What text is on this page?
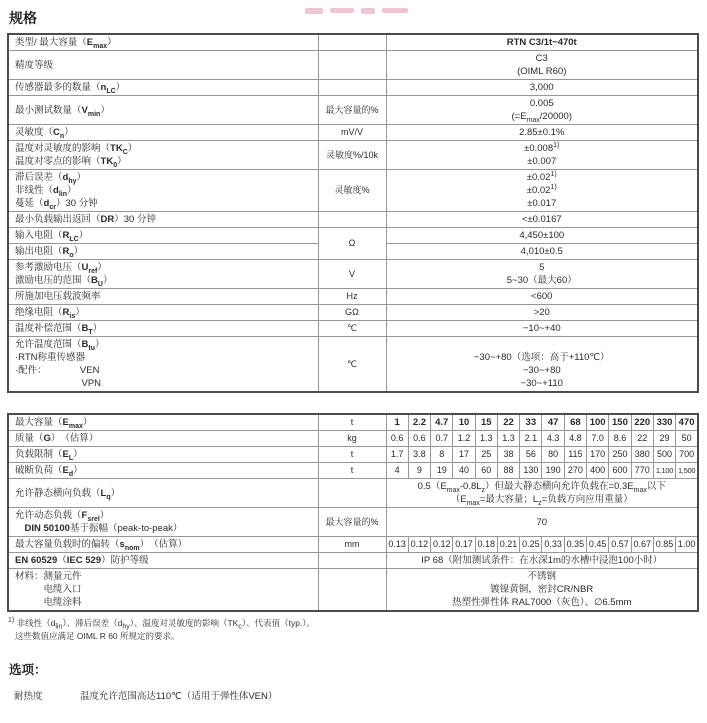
规格
类型/ 最大容量$(E_{max})$		RTN C3/1t~470t
精度等级		C3
(OIML R60)
传感器最多的数量$(n_{LC})$		3,000
最小测试数量$(V_{min})$	最大容量的%	0.005
$(=E_{max}/20000)$
灵敏度$(C_n)$	mV/V	2.85±0.1%
温度对灵敏度的影响$(TK_C)$
温度对零点的影响$(TK_0)$	灵敏度%/10k	$\pm 0.008^{1)}$
±0.007
滞后误差$(d_{hy})$
非线性$(d_{lin})$
蔓延$(d_{cr})30$ 分钟	灵敏度%	$\pm 0.02^{1)}$
$\pm 0.02^{1)}$
±0.017
最小负载输出返回（DR）30 分钟		<±0.0167
输入电阻$(R_{LC})$	Ω	4,450±100
输出电阻$(R_o)$		4,010±0.5
参考激励电压$(U_{ref})$
激励电压的范围$(B_U)$	V	5
5~30（最大60）
所施加电压载波频率	Hz	<600
绝缘电阻$(R_{is})$	GΩ	>20
温度补偿范围$(B_T)$	℃	−10~+40
允许温度范围$(B_{tu})$
·RTN称重传感器
·配件：　　　　VEN
　　　　　　　VPN	℃	−30~+80（选项：高于+110℃）
−30~+80
−30~+110
最大容量$(E_{max})$	t	1	2.2	4.7	10	15	22	33	47	68	100	150	220	330	470
质量（G）　（估算）	kg	0.6	0.6	0.7	1.2	1.3	1.3	2.1	4.3	4.8	7.0	8.6	22	29	50
负载限制$(E_L)$	t	1.7	3.8	8	17	25	38	56	80	115	170	250	380	500	700
破断负荷$(E_d)$	t	4	9	19	40	60	88	130	190	270	400	600	770	1,100	1,500
允许静态横向负载$(L_q)$		$0.5(E_{max}-0.8L_z)$但最大静态横向允许负载在$=0.3E_{max}$以下
（$E_{max}=$最大容量；$L_z=$负载方向应用重量）													
允许动态负载$(F_{srel})$
　DIN 50100基于振幅（peak-to-peak）	最大容量的%	70													
最大容量负载时的偏转$(s_{nom})$　（估算）	mm	0.13	0.12	0.12	0.17	0.18	0.21	0.25	0.33	0.35	0.45	0.57	0.67	0.85	1.00
EN 60529（IEC 529）防护等级		IP 68（附加测试条件：在水深1m的水槽中浸泡100小时）													
材料：测量元件
　　　电缆入口
　　　电缆涂料		不锈钢
镀镍黄铜，密封CR/NBR
热塑性弹性体 RAL7000（灰色）、∅6.5mm													
$^{1)}$ 非线性$(d_{lin})$、滞后误差$(d_{hy})$、温度对灵敏度的影响$(TK_c)$、代表值（typ.）。
这些数值应满足 OIML R 60 所规定的要求。
选项：
耐热度	温度允许范围高达110℃（适用于弹性体VEN）
